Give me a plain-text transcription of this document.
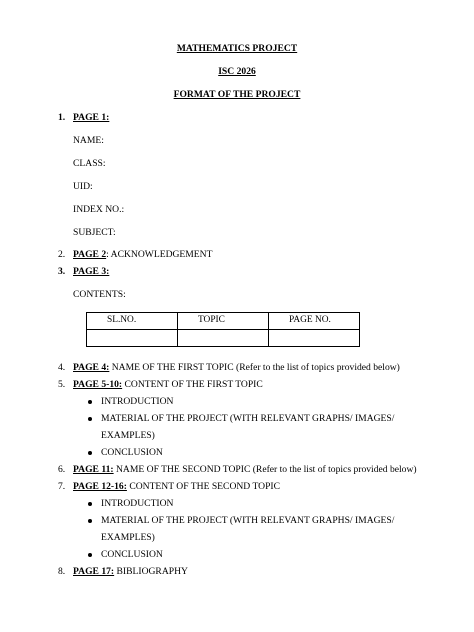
MATHEMATICS PROJECT
ISC 2026
FORMAT OF THE PROJECT
1. PAGE 1:
NAME:
CLASS:
UID:
INDEX NO.:
SUBJECT:
2. PAGE 2: ACKNOWLEDGEMENT
3. PAGE 3:
CONTENTS:
SL.NO.	TOPIC	PAGE NO.

4. PAGE 4: NAME OF THE FIRST TOPIC (Refer to the list of topics provided below)
5. PAGE 5-10: CONTENT OF THE FIRST TOPIC
INTRODUCTION
MATERIAL OF THE PROJECT (WITH RELEVANT GRAPHS/ IMAGES/
EXAMPLES)
CONCLUSION
6. PAGE 11: NAME OF THE SECOND TOPIC (Refer to the list of topics provided below)
7. PAGE 12-16: CONTENT OF THE SECOND TOPIC
INTRODUCTION
MATERIAL OF THE PROJECT (WITH RELEVANT GRAPHS/ IMAGES/
EXAMPLES)
CONCLUSION
8. PAGE 17: BIBLIOGRAPHY
